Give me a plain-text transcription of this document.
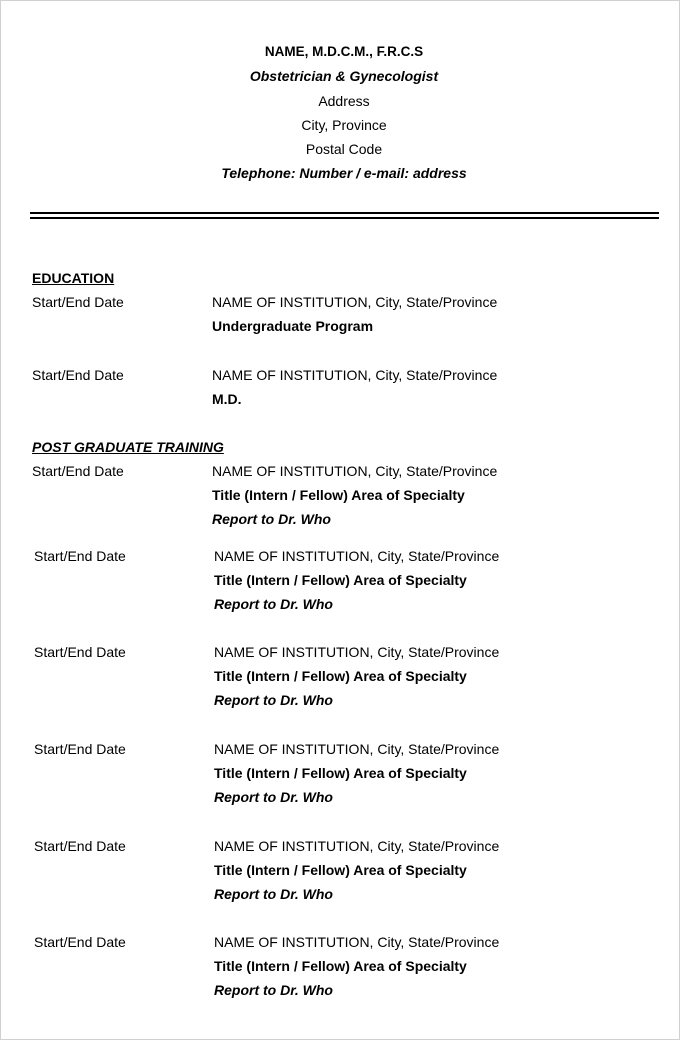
NAME, M.D.C.M., F.R.C.S
Obstetrician & Gynecologist
Address
City, Province
Postal Code
Telephone: Number / e-mail: address
EDUCATION
Start/End Date	NAME OF INSTITUTION, City, State/Province
Undergraduate Program
Start/End Date	NAME OF INSTITUTION, City, State/Province
M.D.
POST GRADUATE TRAINING
Start/End Date	NAME OF INSTITUTION, City, State/Province
Title (Intern / Fellow) Area of Specialty
Report to Dr. Who
Start/End Date	NAME OF INSTITUTION, City, State/Province
Title (Intern / Fellow) Area of Specialty
Report to Dr. Who
Start/End Date	NAME OF INSTITUTION, City, State/Province
Title (Intern / Fellow) Area of Specialty
Report to Dr. Who
Start/End Date	NAME OF INSTITUTION, City, State/Province
Title (Intern / Fellow) Area of Specialty
Report to Dr. Who
Start/End Date	NAME OF INSTITUTION, City, State/Province
Title (Intern / Fellow) Area of Specialty
Report to Dr. Who
Start/End Date	NAME OF INSTITUTION, City, State/Province
Title (Intern / Fellow) Area of Specialty
Report to Dr. Who
